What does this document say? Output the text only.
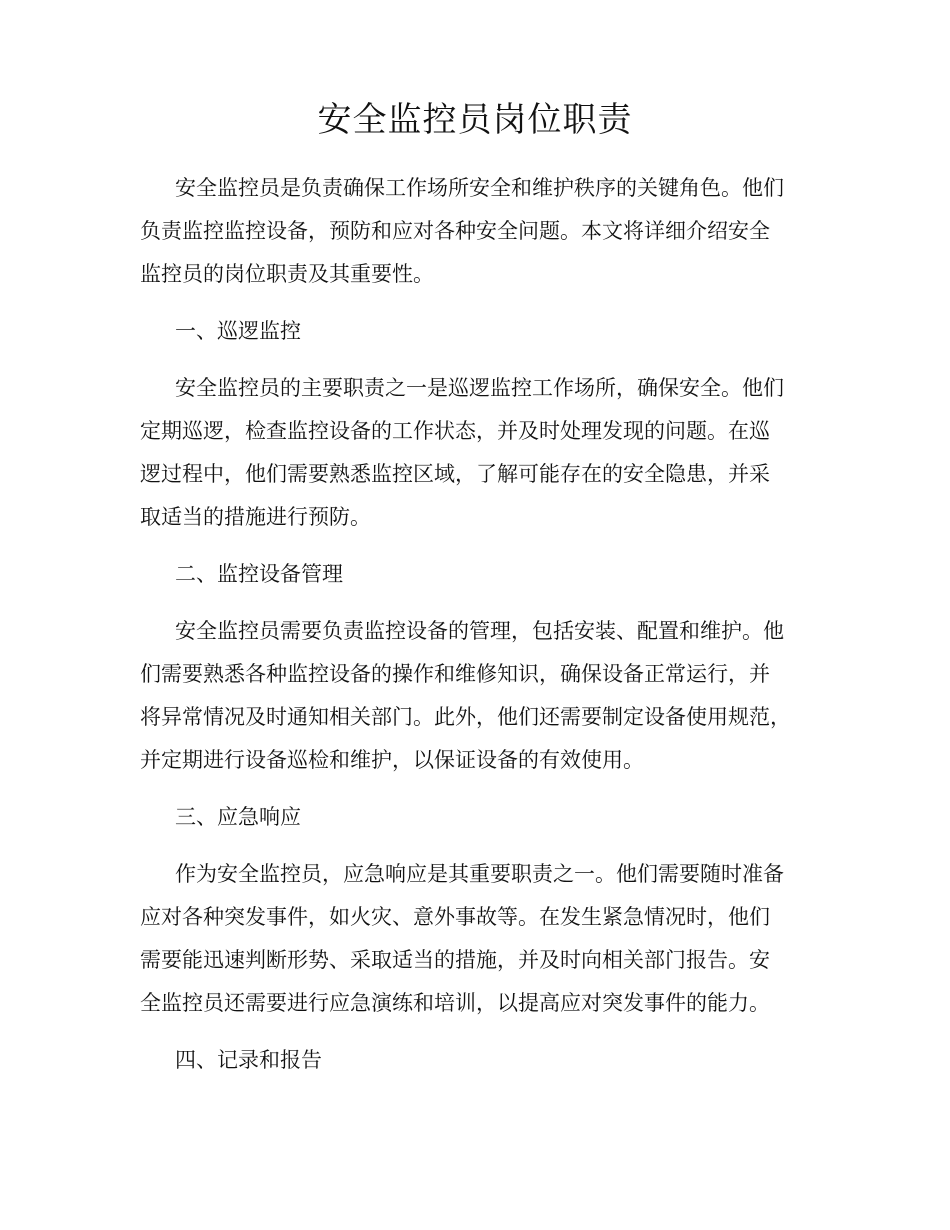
安全监控员岗位职责

安全监控员是负责确保工作场所安全和维护秩序的关键角色。他们

负责监控监控设备，预防和应对各种安全问题。本文将详细介绍安全

监控员的岗位职责及其重要性。

一、巡逻监控

安全监控员的主要职责之一是巡逻监控工作场所，确保安全。他们

定期巡逻，检查监控设备的工作状态，并及时处理发现的问题。在巡

逻过程中，他们需要熟悉监控区域，了解可能存在的安全隐患，并采

取适当的措施进行预防。

二、监控设备管理

安全监控员需要负责监控设备的管理，包括安装、配置和维护。他

们需要熟悉各种监控设备的操作和维修知识，确保设备正常运行，并

将异常情况及时通知相关部门。此外，他们还需要制定设备使用规范，

并定期进行设备巡检和维护，以保证设备的有效使用。

三、应急响应

作为安全监控员，应急响应是其重要职责之一。他们需要随时准备

应对各种突发事件，如火灾、意外事故等。在发生紧急情况时，他们

需要能迅速判断形势、采取适当的措施，并及时向相关部门报告。安

全监控员还需要进行应急演练和培训，以提高应对突发事件的能力。

四、记录和报告
